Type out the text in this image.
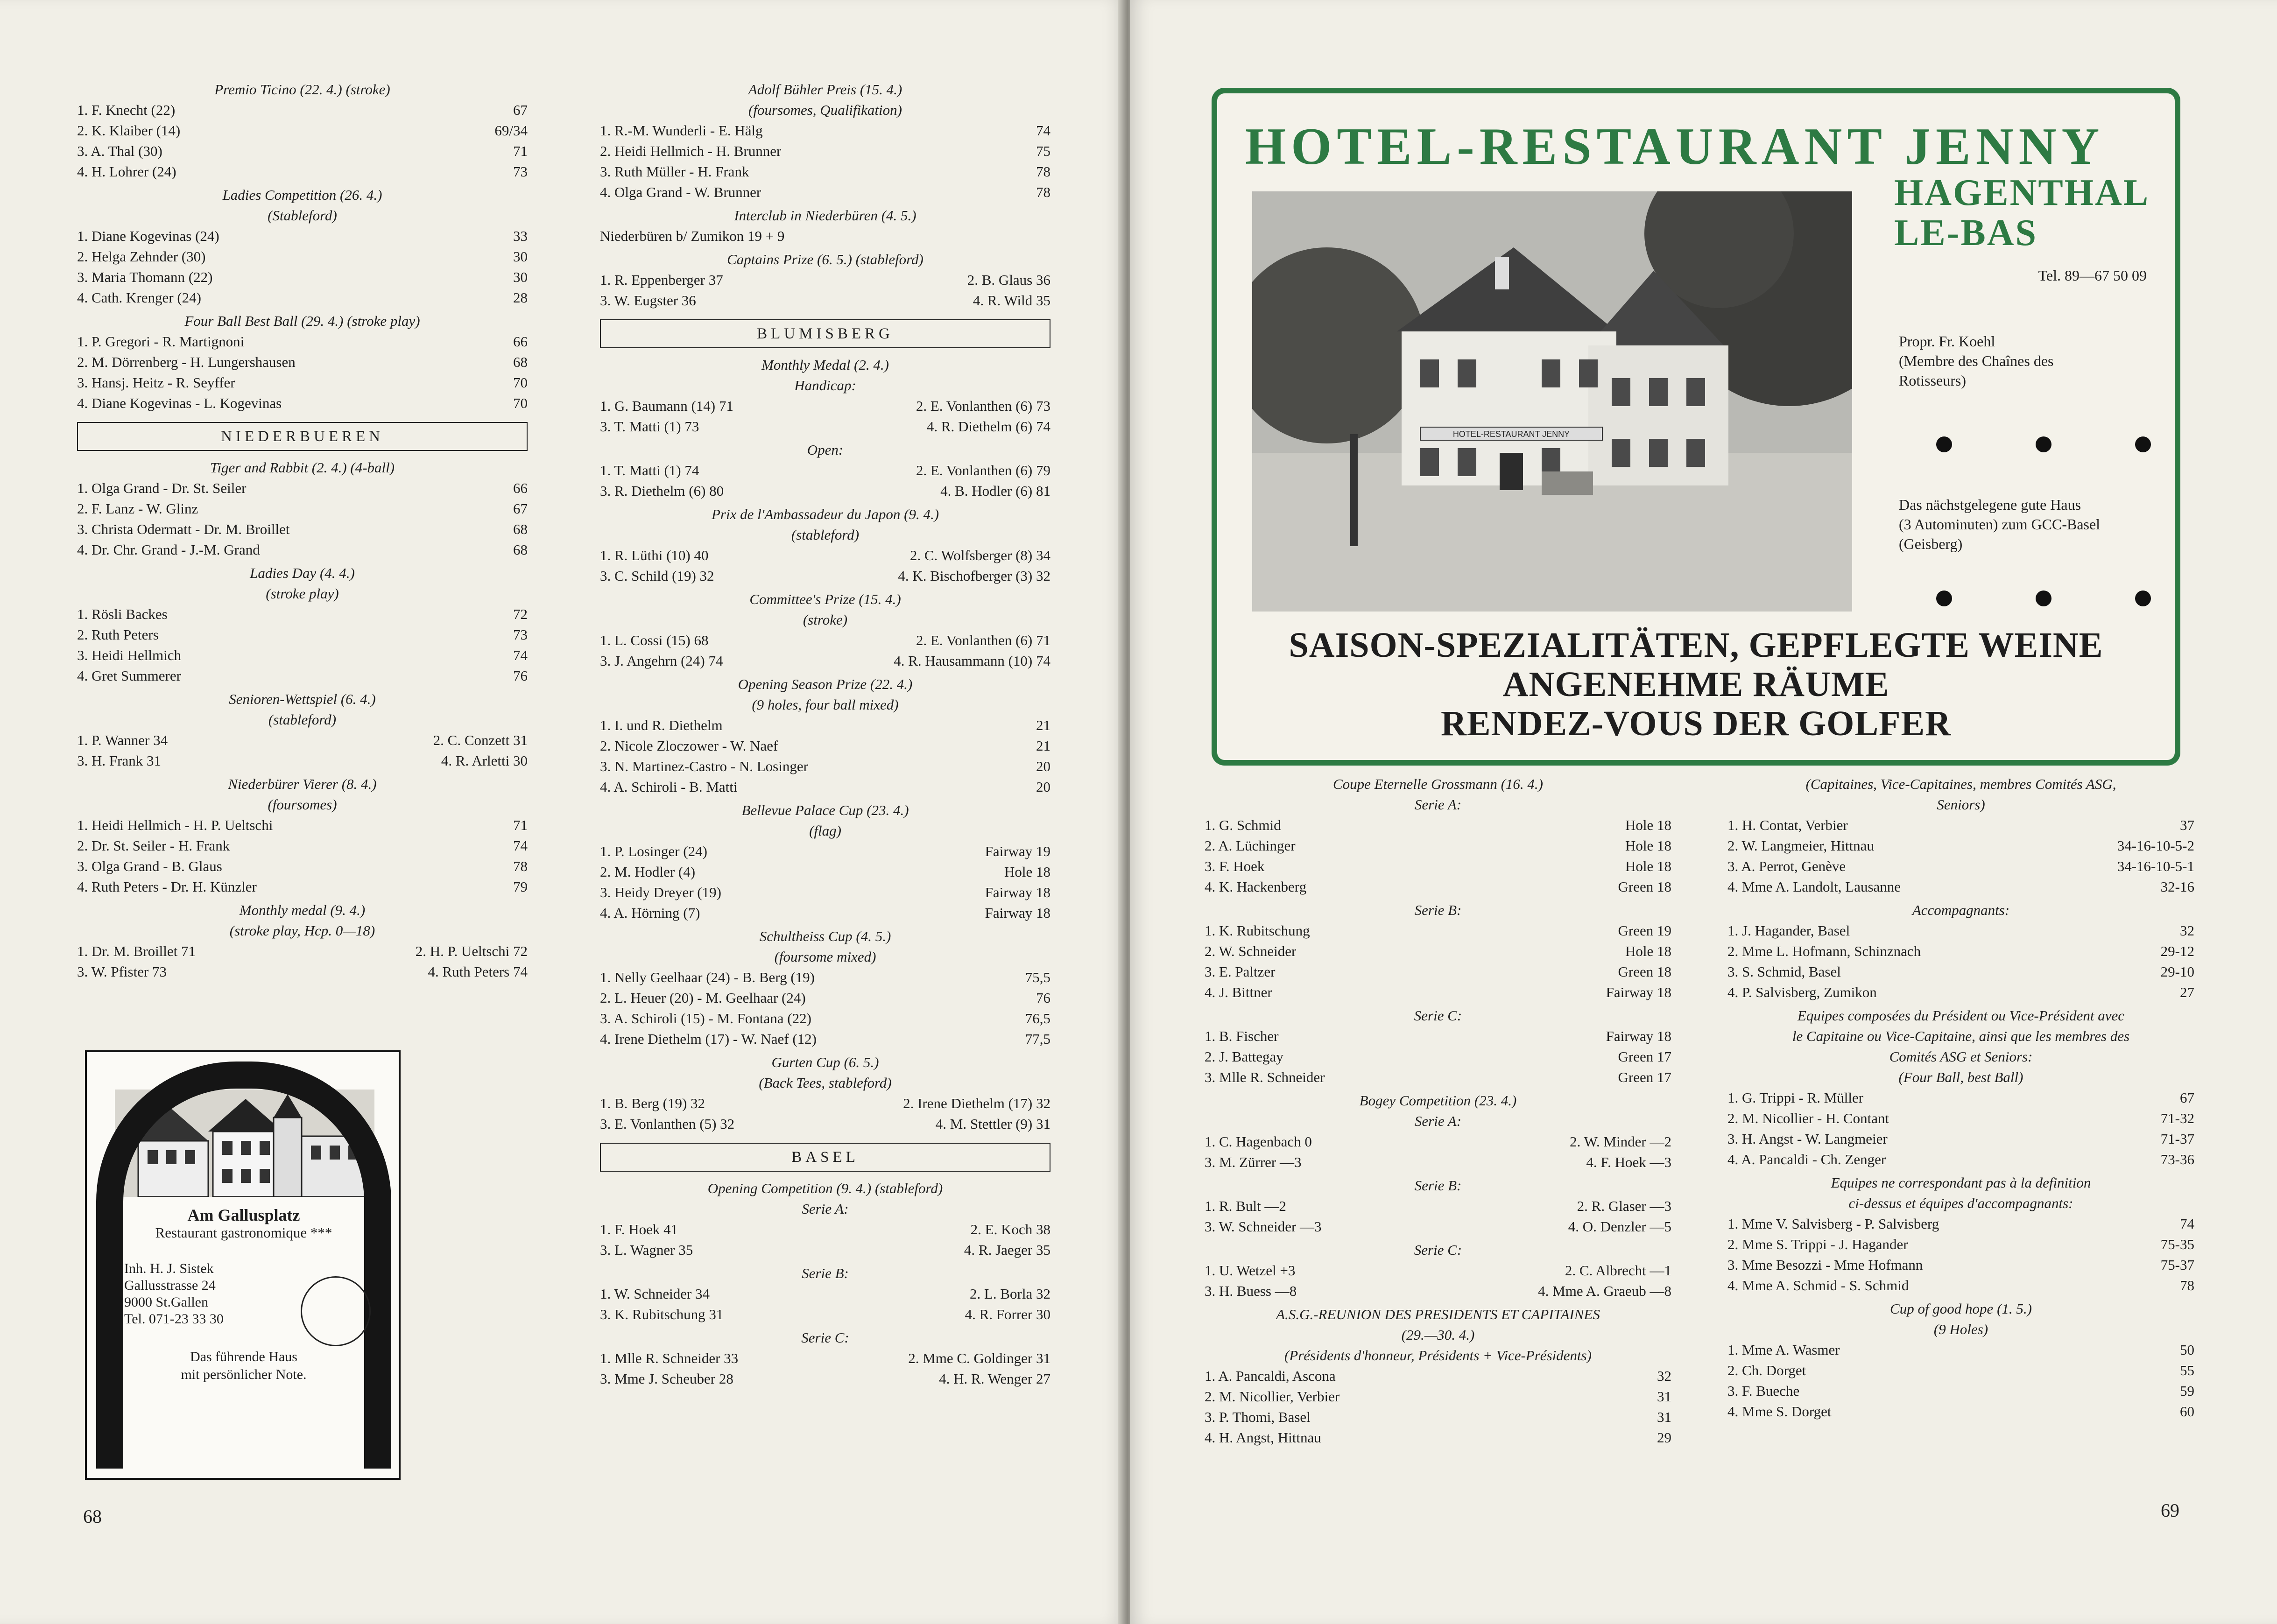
Premio Ticino (22. 4.) (stroke)
1. F. Knecht (22)	67
2. K. Klaiber (14)	69/34
3. A. Thal (30)	71
4. H. Lohrer (24)	73
Ladies Competition (26. 4.)
(Stableford)
1. Diane Kogevinas (24)	33
2. Helga Zehnder (30)	30
3. Maria Thomann (22)	30
4. Cath. Krenger (24)	28
Four Ball Best Ball (29. 4.) (stroke play)
1. P. Gregori - R. Martignoni	66
2. M. Dörrenberg - H. Lungershausen	68
3. Hansj. Heitz - R. Seyffer	70
4. Diane Kogevinas - L. Kogevinas	70
NIEDERBUEREN
Tiger and Rabbit (2. 4.) (4-ball)
1. Olga Grand - Dr. St. Seiler	66
2. F. Lanz - W. Glinz	67
3. Christa Odermatt - Dr. M. Broillet	68
4. Dr. Chr. Grand - J.-M. Grand	68
Ladies Day (4. 4.)
(stroke play)
1. Rösli Backes	72
2. Ruth Peters	73
3. Heidi Hellmich	74
4. Gret Summerer	76
Senioren-Wettspiel (6. 4.)
(stableford)
1. P. Wanner 34	2. C. Conzett 31
3. H. Frank 31	4. R. Arletti 30
Niederbürer Vierer (8. 4.)
(foursomes)
1. Heidi Hellmich - H. P. Ueltschi	71
2. Dr. St. Seiler - H. Frank	74
3. Olga Grand - B. Glaus	78
4. Ruth Peters - Dr. H. Künzler	79
Monthly medal (9. 4.)
(stroke play, Hcp. 0—18)
1. Dr. M. Broillet 71	2. H. P. Ueltschi 72
3. W. Pfister 73	4. Ruth Peters 74
Adolf Bühler Preis (15. 4.)
(foursomes, Qualifikation)
1. R.-M. Wunderli - E. Hälg	74
2. Heidi Hellmich - H. Brunner	75
3. Ruth Müller - H. Frank	78
4. Olga Grand - W. Brunner	78
Interclub in Niederbüren (4. 5.)
Niederbüren b/ Zumikon 19 + 9
Captains Prize (6. 5.) (stableford)
1. R. Eppenberger 37	2. B. Glaus 36
3. W. Eugster 36	4. R. Wild 35
BLUMISBERG
Monthly Medal (2. 4.)
Handicap:
1. G. Baumann (14) 71	2. E. Vonlanthen (6) 73
3. T. Matti (1) 73	4. R. Diethelm (6) 74
Open:
1. T. Matti (1) 74	2. E. Vonlanthen (6) 79
3. R. Diethelm (6) 80	4. B. Hodler (6) 81
Prix de l'Ambassadeur du Japon (9. 4.)
(stableford)
1. R. Lüthi (10) 40	2. C. Wolfsberger (8) 34
3. C. Schild (19) 32	4. K. Bischofberger (3) 32
Committee's Prize (15. 4.)
(stroke)
1. L. Cossi (15) 68	2. E. Vonlanthen (6) 71
3. J. Angehrn (24) 74	4. R. Hausammann (10) 74
Opening Season Prize (22. 4.)
(9 holes, four ball mixed)
1. I. und R. Diethelm	21
2. Nicole Zloczower - W. Naef	21
3. N. Martinez-Castro - N. Losinger	20
4. A. Schiroli - B. Matti	20
Bellevue Palace Cup (23. 4.)
(flag)
1. P. Losinger (24)	Fairway 19
2. M. Hodler (4)	Hole 18
3. Heidy Dreyer (19)	Fairway 18
4. A. Hörning (7)	Fairway 18
Schultheiss Cup (4. 5.)
(foursome mixed)
1. Nelly Geelhaar (24) - B. Berg (19)	75,5
2. L. Heuer (20) - M. Geelhaar (24)	76
3. A. Schiroli (15) - M. Fontana (22)	76,5
4. Irene Diethelm (17) - W. Naef (12)	77,5
Gurten Cup (6. 5.)
(Back Tees, stableford)
1. B. Berg (19) 32	2. Irene Diethelm (17) 32
3. E. Vonlanthen (5) 32	4. M. Stettler (9) 31
BASEL
Opening Competition (9. 4.) (stableford)
Serie A:
1. F. Hoek 41	2. E. Koch 38
3. L. Wagner 35	4. R. Jaeger 35
Serie B:
1. W. Schneider 34	2. L. Borla 32
3. K. Rubitschung 31	4. R. Forrer 30
Serie C:
1. Mlle R. Schneider 33	2. Mme C. Goldinger 31
3. Mme J. Scheuber 28	4. H. R. Wenger 27
Am Gallusplatz
Restaurant gastronomique ***
Inh. H. J. Sistek
Gallusstrasse 24
9000 St.Gallen
Tel. 071-23 33 30
Das führende Haus
mit persönlicher Note.
68
Coupe Eternelle Grossmann (16. 4.)
Serie A:
1. G. Schmid	Hole 18
2. A. Lüchinger	Hole 18
3. F. Hoek	Hole 18
4. K. Hackenberg	Green 18
Serie B:
1. K. Rubitschung	Green 19
2. W. Schneider	Hole 18
3. E. Paltzer	Green 18
4. J. Bittner	Fairway 18
Serie C:
1. B. Fischer	Fairway 18
2. J. Battegay	Green 17
3. Mlle R. Schneider	Green 17
Bogey Competition (23. 4.)
Serie A:
1. C. Hagenbach 0	2. W. Minder —2
3. M. Zürrer —3	4. F. Hoek —3
Serie B:
1. R. Bult —2	2. R. Glaser —3
3. W. Schneider —3	4. O. Denzler —5
Serie C:
1. U. Wetzel +3	2. C. Albrecht —1
3. H. Buess —8	4. Mme A. Graeub —8
A.S.G.-REUNION DES PRESIDENTS ET CAPITAINES
(29.—30. 4.)
(Présidents d'honneur, Présidents + Vice-Présidents)
1. A. Pancaldi, Ascona	32
2. M. Nicollier, Verbier	31
3. P. Thomi, Basel	31
4. H. Angst, Hittnau	29
(Capitaines, Vice-Capitaines, membres Comités ASG,
Seniors)
1. H. Contat, Verbier	37
2. W. Langmeier, Hittnau	34-16-10-5-2
3. A. Perrot, Genève	34-16-10-5-1
4. Mme A. Landolt, Lausanne	32-16
Accompagnants:
1. J. Hagander, Basel	32
2. Mme L. Hofmann, Schinznach	29-12
3. S. Schmid, Basel	29-10
4. P. Salvisberg, Zumikon	27
Equipes composées du Président ou Vice-Président avec
le Capitaine ou Vice-Capitaine, ainsi que les membres des
Comités ASG et Seniors:
(Four Ball, best Ball)
1. G. Trippi - R. Müller	67
2. M. Nicollier - H. Contant	71-32
3. H. Angst - W. Langmeier	71-37
4. A. Pancaldi - Ch. Zenger	73-36
Equipes ne correspondant pas à la definition
ci-dessus et équipes d'accompagnants:
1. Mme V. Salvisberg - P. Salvisberg	74
2. Mme S. Trippi - J. Hagander	75-35
3. Mme Besozzi - Mme Hofmann	75-37
4. Mme A. Schmid - S. Schmid	78
Cup of good hope (1. 5.)
(9 Holes)
1. Mme A. Wasmer	50
2. Ch. Dorget	55
3. F. Bueche	59
4. Mme S. Dorget	60
69
HOTEL-RESTAURANT JENNY
HAGENTHAL
LE-BAS
Tel. 89—67 50 09
HOTEL-RESTAURANT JENNY
Propr. Fr. Koehl
(Membre des Chaînes des
Rotisseurs)
Das nächstgelegene gute Haus
(3 Autominuten) zum GCC-Basel
(Geisberg)
SAISON-SPEZIALITÄTEN, GEPFLEGTE WEINE
ANGENEHME RÄUME
RENDEZ-VOUS DER GOLFER
